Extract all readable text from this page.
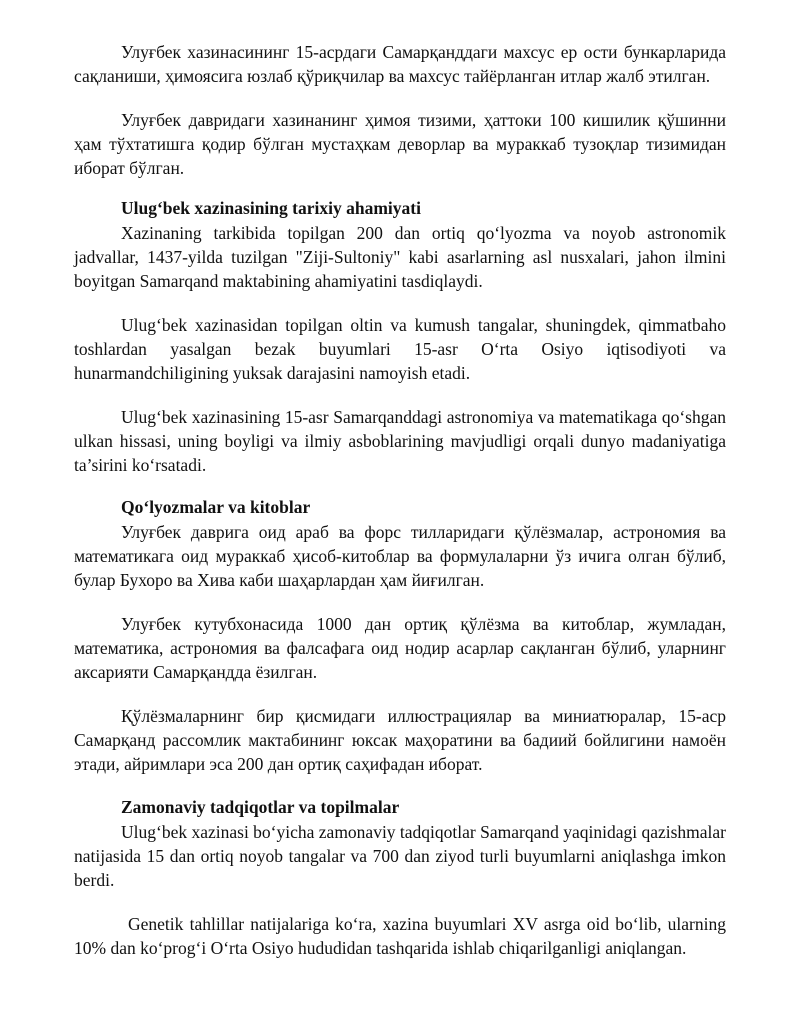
Улуғбек хазинасининг 15-асрдаги Самарқанддаги махсус ер ости бункарларида сақланиши, ҳимоясига юзлаб қўриқчилар ва махсус тайёрланган итлар жалб этилган.

Улуғбек давридаги хазинанинг ҳимоя тизими, ҳаттоки 100 кишилик қўшинни ҳам тўхтатишга қодир бўлган мустаҳкам деворлар ва мураккаб тузоқлар тизимидан иборат бўлган.

Ulug‘bek xazinasining tarixiy ahamiyati

Xazinaning tarkibida topilgan 200 dan ortiq qo‘lyozma va noyob astronomik jadvallar, 1437-yilda tuzilgan "Ziji-Sultoniy" kabi asarlarning asl nusxalari, jahon ilmini boyitgan Samarqand maktabining ahamiyatini tasdiqlaydi.

Ulug‘bek xazinasidan topilgan oltin va kumush tangalar, shuningdek, qimmatbaho toshlardan yasalgan bezak buyumlari 15-asr O‘rta Osiyo iqtisodiyoti va hunarmandchiligining yuksak darajasini namoyish etadi.

Ulug‘bek xazinasining 15-asr Samarqanddagi astronomiya va matematikaga qo‘shgan ulkan hissasi, uning boyligi va ilmiy asboblarining mavjudligi orqali dunyo madaniyatiga ta’sirini ko‘rsatadi.

Qo‘lyozmalar va kitoblar

Улуғбек даврига оид араб ва форс тилларидаги қўлёзмалар, астрономия ва математикага оид мураккаб ҳисоб-китоблар ва формулаларни ўз ичига олган бўлиб, булар Бухоро ва Хива каби шаҳарлардан ҳам йиғилган.

Улуғбек кутубхонасида 1000 дан ортиқ қўлёзма ва китоблар, жумладан, математика, астрономия ва фалсафага оид нодир асарлар сақланган бўлиб, уларнинг аксарияти Самарқандда ёзилган.

Қўлёзмаларнинг бир қисмидаги иллюстрациялар ва миниатюралар, 15-аср Самарқанд рассомлик мактабининг юксак маҳоратини ва бадиий бойлигини намоён этади, айримлари эса 200 дан ортиқ саҳифадан иборат.

Zamonaviy tadqiqotlar va topilmalar

Ulug‘bek xazinasi bo‘yicha zamonaviy tadqiqotlar Samarqand yaqinidagi qazishmalar natijasida 15 dan ortiq noyob tangalar va 700 dan ziyod turli buyumlarni aniqlashga imkon berdi.

Genetik tahlillar natijalariga ko‘ra, xazina buyumlari XV asrga oid bo‘lib, ularning 10% dan ko‘prog‘i O‘rta Osiyo hududidan tashqarida ishlab chiqarilganligi aniqlangan.
